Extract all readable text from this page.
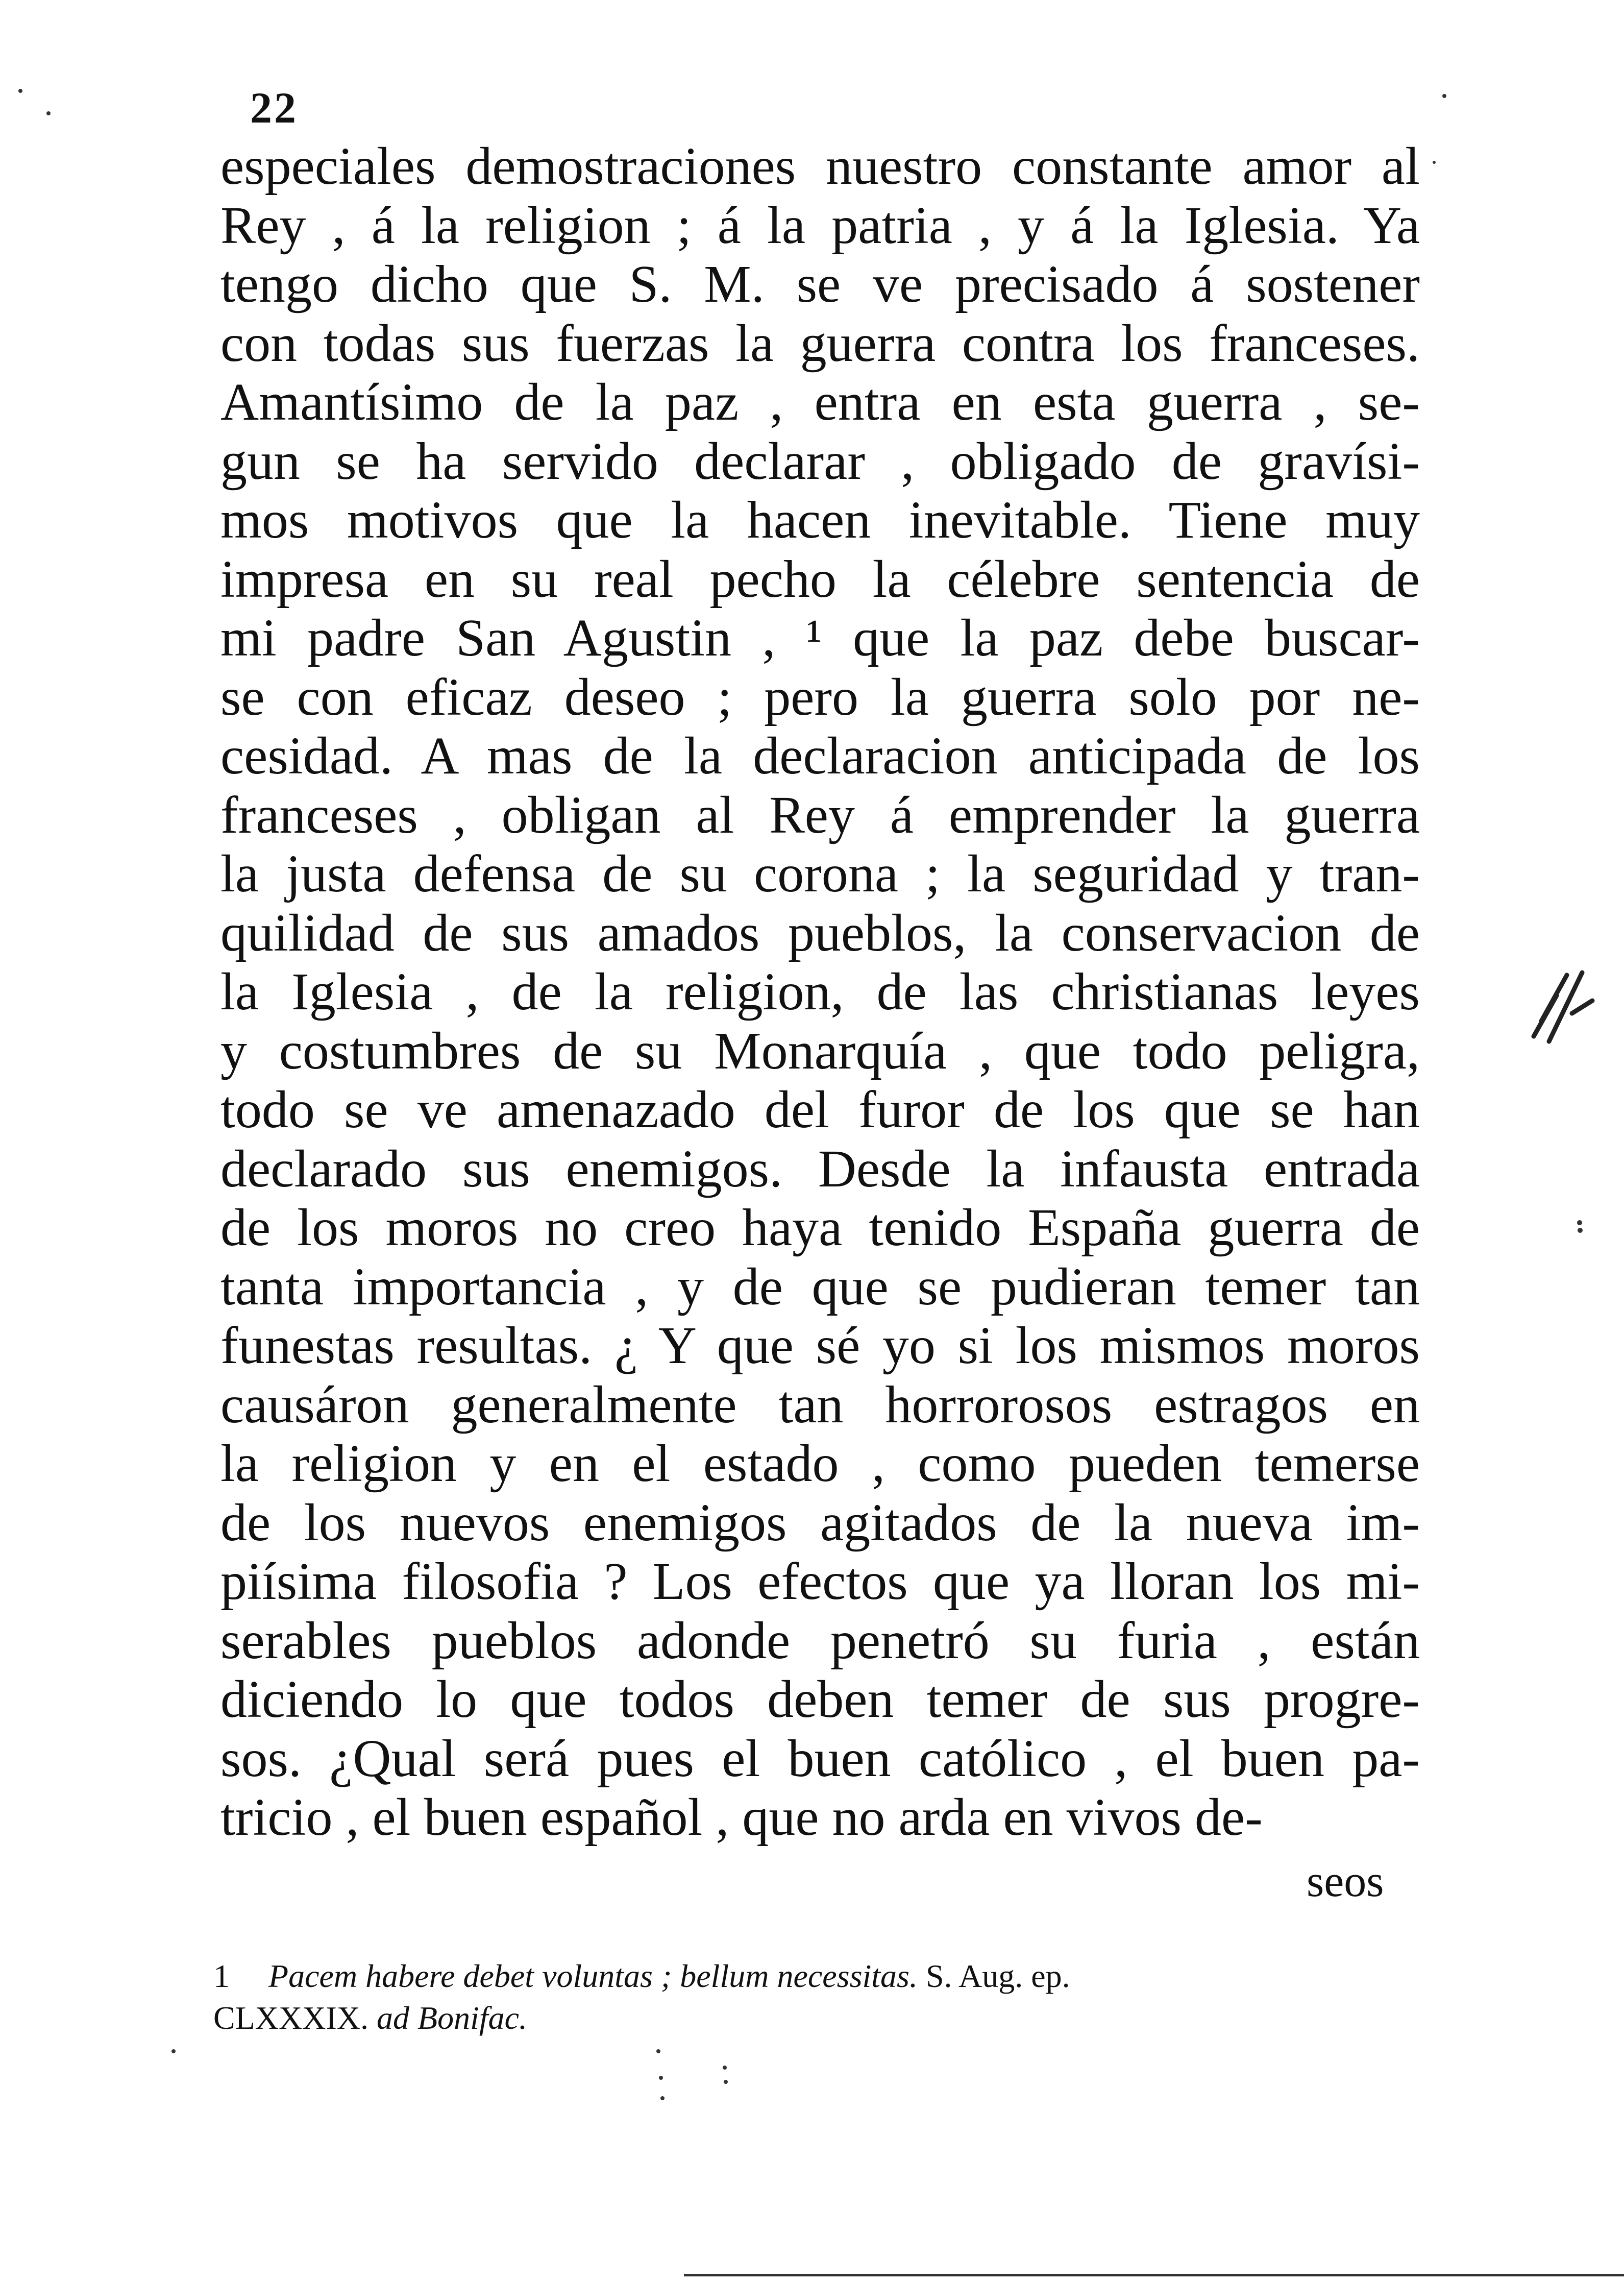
22
especiales demostraciones nuestro constante amor al
Rey , á la religion ; á la patria , y á la Iglesia. Ya
tengo dicho que S. M. se ve precisado á sostener
con todas sus fuerzas la guerra contra los franceses.
Amantísimo de la paz , entra en esta guerra , se-
gun se ha servido declarar , obligado de gravísi-
mos motivos que la hacen inevitable. Tiene muy
impresa en su real pecho la célebre sentencia de
mi padre San Agustin , ¹ que la paz debe buscar-
se con eficaz deseo ; pero la guerra solo por ne-
cesidad. A mas de la declaracion anticipada de los
franceses , obligan al Rey á emprender la guerra
la justa defensa de su corona ; la seguridad y tran-
quilidad de sus amados pueblos, la conservacion de
la Iglesia , de la religion, de las christianas leyes
y costumbres de su Monarquía , que todo peligra,
todo se ve amenazado del furor de los que se han
declarado sus enemigos. Desde la infausta entrada
de los moros no creo haya tenido España guerra de
tanta importancia , y de que se pudieran temer tan
funestas resultas. ¿ Y que sé yo si los mismos moros
causáron generalmente tan horrorosos estragos en
la religion y en el estado , como pueden temerse
de los nuevos enemigos agitados de la nueva im-
piísima filosofia ? Los efectos que ya lloran los mi-
serables pueblos adonde penetró su furia , están
diciendo lo que todos deben temer de sus progre-
sos. ¿Qual será pues el buen católico , el buen pa-
tricio , el buen español , que no arda en vivos de-
seos
1 Pacem habere debet voluntas ; bellum necessitas. S. Aug. ep.
CLXXXIX. ad Bonifac.
